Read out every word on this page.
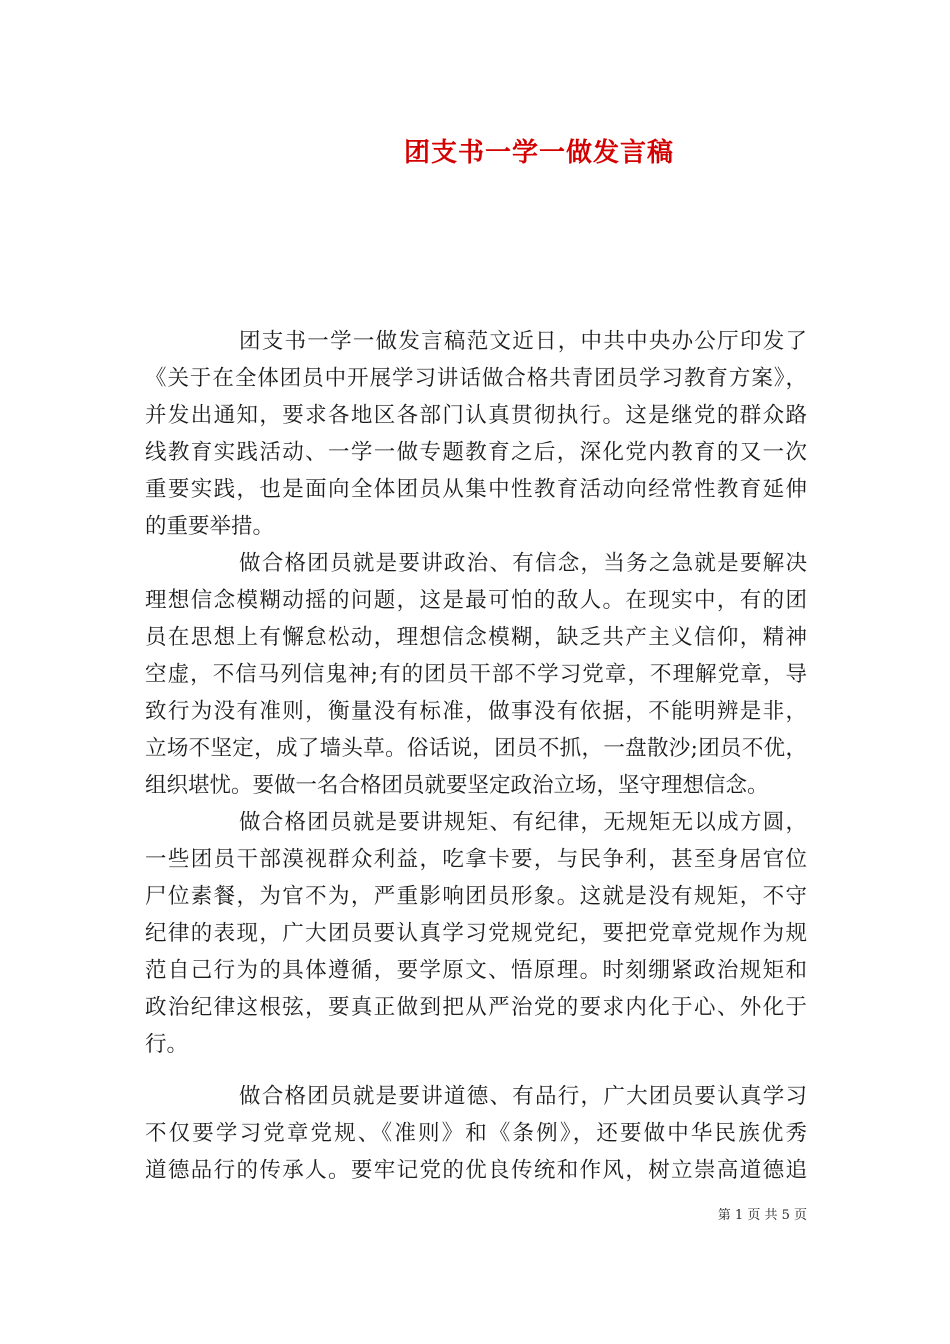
团支书一学一做发言稿
团支书一学一做发言稿范文近日，中共中央办公厅印发了
《关于在全体团员中开展学习讲话做合格共青团员学习教育方案》，
并发出通知，要求各地区各部门认真贯彻执行。这是继党的群众路
线教育实践活动、一学一做专题教育之后，深化党内教育的又一次
重要实践，也是面向全体团员从集中性教育活动向经常性教育延伸
的重要举措。
做合格团员就是要讲政治、有信念，当务之急就是要解决
理想信念模糊动摇的问题，这是最可怕的敌人。在现实中，有的团
员在思想上有懈怠松动，理想信念模糊，缺乏共产主义信仰，精神
空虚，不信马列信鬼神;有的团员干部不学习党章，不理解党章，导
致行为没有准则，衡量没有标准，做事没有依据，不能明辨是非，
立场不坚定，成了墙头草。俗话说，团员不抓，一盘散沙;团员不优，
组织堪忧。要做一名合格团员就要坚定政治立场，坚守理想信念。
做合格团员就是要讲规矩、有纪律，无规矩无以成方圆，
一些团员干部漠视群众利益，吃拿卡要，与民争利，甚至身居官位
尸位素餐，为官不为，严重影响团员形象。这就是没有规矩，不守
纪律的表现，广大团员要认真学习党规党纪，要把党章党规作为规
范自己行为的具体遵循，要学原文、悟原理。时刻绷紧政治规矩和
政治纪律这根弦，要真正做到把从严治党的要求内化于心、外化于
行。
做合格团员就是要讲道德、有品行，广大团员要认真学习
不仅要学习党章党规、《准则》和《条例》，还要做中华民族优秀
道德品行的传承人。要牢记党的优良传统和作风，树立崇高道德追
第 1 页 共 5 页
